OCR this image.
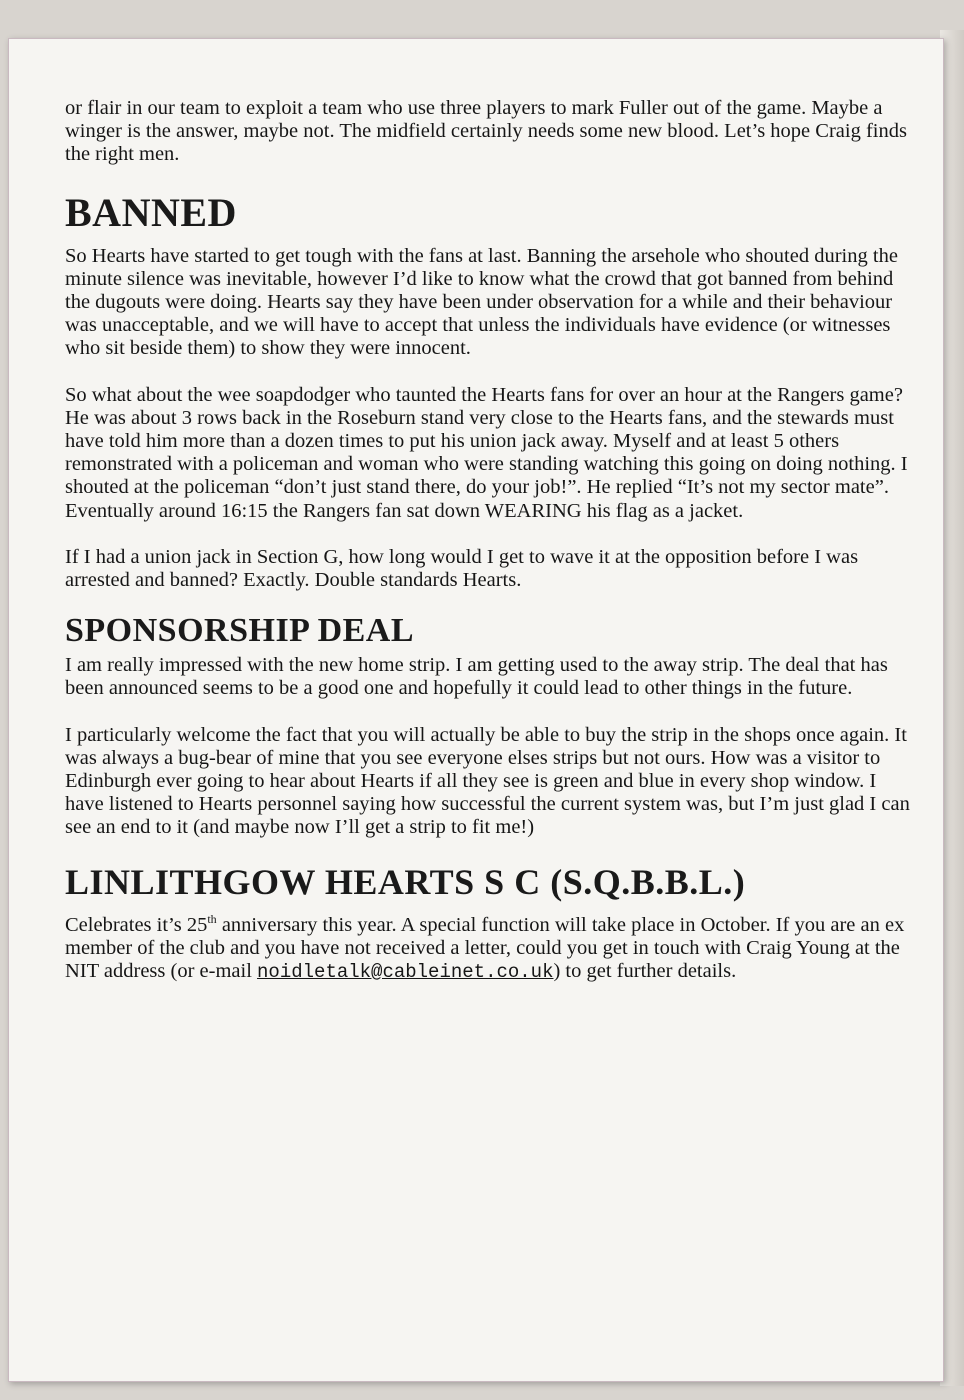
or flair in our team to exploit a team who use three players to mark Fuller out of the game. Maybe a winger is the answer, maybe not. The midfield certainly needs some new blood. Let’s hope Craig finds the right men.

BANNED

So Hearts have started to get tough with the fans at last. Banning the arsehole who shouted during the minute silence was inevitable, however I’d like to know what the crowd that got banned from behind the dugouts were doing. Hearts say they have been under observation for a while and their behaviour was unacceptable, and we will have to accept that unless the individuals have evidence (or witnesses who sit beside them) to show they were innocent.

So what about the wee soapdodger who taunted the Hearts fans for over an hour at the Rangers game? He was about 3 rows back in the Roseburn stand very close to the Hearts fans, and the stewards must have told him more than a dozen times to put his union jack away. Myself and at least 5 others remonstrated with a policeman and woman who were standing watching this going on doing nothing. I shouted at the policeman “don’t just stand there, do your job!”. He replied “It’s not my sector mate”. Eventually around 16:15 the Rangers fan sat down WEARING his flag as a jacket.

If I had a union jack in Section G, how long would I get to wave it at the opposition before I was arrested and banned? Exactly. Double standards Hearts.

SPONSORSHIP DEAL

I am really impressed with the new home strip. I am getting used to the away strip. The deal that has been announced seems to be a good one and hopefully it could lead to other things in the future.

I particularly welcome the fact that you will actually be able to buy the strip in the shops once again. It was always a bug-bear of mine that you see everyone elses strips but not ours. How was a visitor to Edinburgh ever going to hear about Hearts if all they see is green and blue in every shop window. I have listened to Hearts personnel saying how successful the current system was, but I’m just glad I can see an end to it (and maybe now I’ll get a strip to fit me!)

LINLITHGOW HEARTS S C (S.Q.B.B.L.)

Celebrates it’s 25th anniversary this year. A special function will take place in October. If you are an ex member of the club and you have not received a letter, could you get in touch with Craig Young at the NIT address (or e-mail noidletalk@cableinet.co.uk) to get further details.
